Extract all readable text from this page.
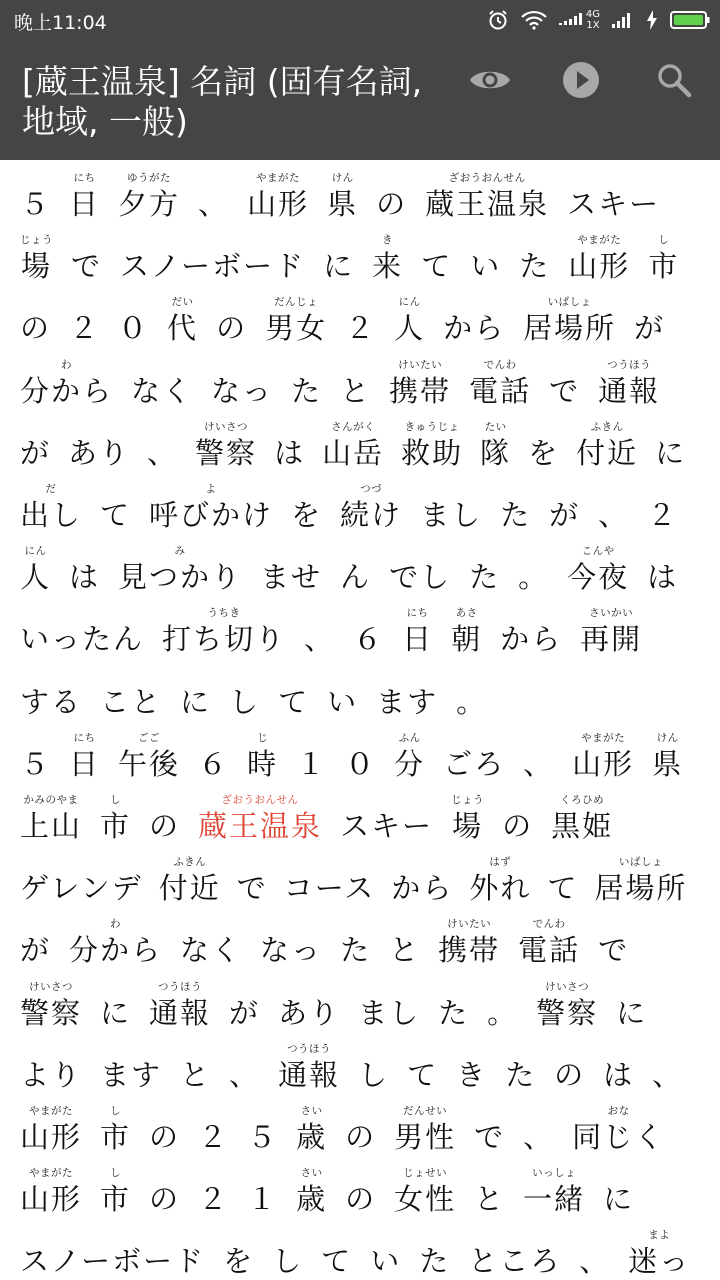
晚上11:04	4G
1X
[蔵王温泉] 名詞 (固有名詞, 地域, 一般)
５
にち
日
ゆうがた
夕方 、
やまがた
山形
けん
県 の
ざおうおんせん
蔵王温泉 スキー
じょう
場 で スノーボード に
き
来 て い た
やまがた
山形
し
市
の ２ ０
だい
代 の
だんじょ
男女 ２
にん
人 から
いばしょ
居場所 が
わ
分から なく なっ た と
けいたい
携帯
でんわ
電話 で
つうほう
通報
が あり 、
けいさつ
警察 は
さんがく
山岳
きゅうじょ
救助
たい
隊 を
ふきん
付近 に
だ
出し て
よ
呼びかけ を
つづ
続け まし た が 、 ２
にん
人 は
み
見つかり ませ ん でし た 。
こんや
今夜 は
いったん
うちき
打ち切り 、 ６
にち
日
あさ
朝 から
さいかい
再開
する こと に し て い ます 。
５
にち
日
ごご
午後 ６
じ
時 １ ０
ふん
分 ごろ 、
やまがた
山形
けん
県
かみのやま
上山
し
市 の
ざおうおんせん
蔵王温泉 スキー
じょう
場 の
くろひめ
黒姫
ゲレンデ
ふきん
付近 で コース から
はず
外れ て
いばしょ
居場所
が
わ
分から なく なっ た と
けいたい
携帯
でんわ
電話 で
けいさつ
警察 に
つうほう
通報 が あり まし た 。
けいさつ
警察 に
より ます と 、
つうほう
通報 し て き た の は 、
やまがた
山形
し
市 の ２ ５
さい
歳 の
だんせい
男性 で 、
おな
同じく
やまがた
山形
し
市 の ２ １
さい
歳 の
じょせい
女性 と
いっしょ
一緒 に
スノーボード を し て い た ところ 、
まよ
迷っ
